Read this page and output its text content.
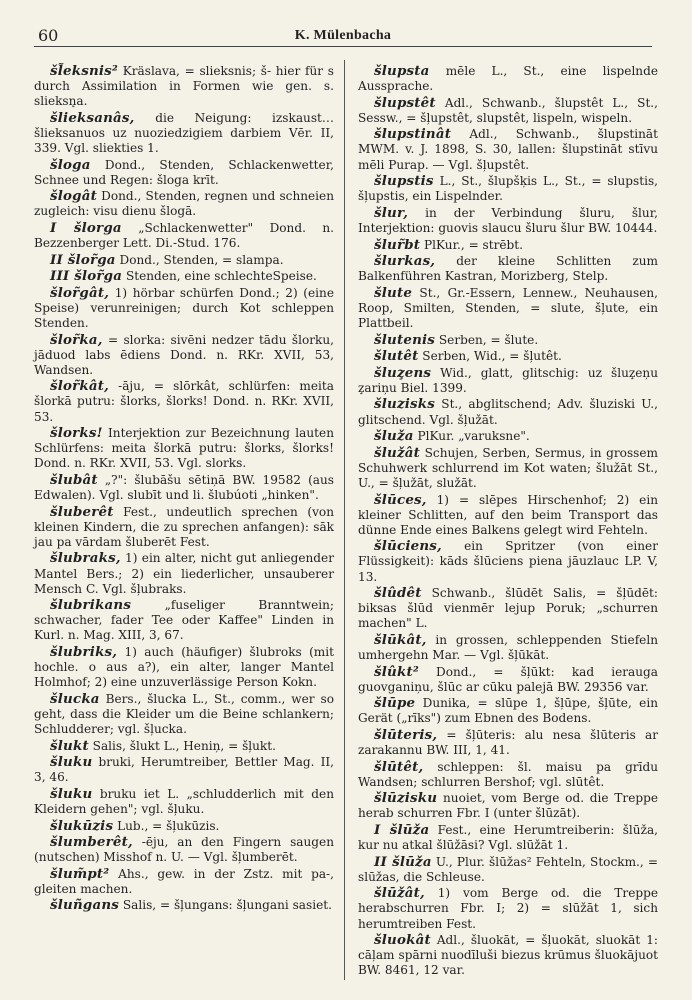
60	K. Mülenbacha

šl̃eksnis² Kräslava, = slieksnis; š- hier für s durch Assimilation in Formen wie gen. s. slieksn̨a.

šlieksanâs, die Neigung: izskaust… šlieksanuos uz nuoziedzigiem darbiem Vēr. II, 339. Vgl. sliekties 1.

šloga Dond., Stenden, Schlackenwetter, Schnee und Regen: šloga krīt.

šlogât Dond., Stenden, regnen und schneien zugleich: visu dienu šlogā.

I šlorga „Schlackenwetter" Dond. n. Bezzenberger Lett. Di.-Stud. 176.

II šlor̃ga Dond., Stenden, = slampa.

III šlor̃ga Stenden, eine schlechteSpeise.

šlor̃gât, 1) hörbar schürfen Dond.; 2) (eine Speise) verunreinigen; durch Kot schleppen Stenden.

šlor̃ka, = slorka: sivēni nedzer tādu šlorku, jāduod labs ēdiens Dond. n. RKr. XVII, 53, Wandsen.

šlor̃kât, -āju, = slōrkât, schlürfen: meita šlorkā putru: šlorks, šlorks! Dond. n. RKr. XVII, 53.

šlorks! Interjektion zur Bezeichnung lauten Schlürfens: meita šlorkā putru: šlorks, šlorks! Dond. n. RKr. XVII, 53. Vgl. slorks.

šlubât „?": šlubāšu sētiņā BW. 19582 (aus Edwalen). Vgl. slubīt und li. šlubúoti „hinken".

šluberêt Fest., undeutlich sprechen (von kleinen Kindern, die zu sprechen anfangen): sāk jau pa vārdam šluberēt Fest.

šlubraks, 1) ein alter, nicht gut anliegender Mantel Bers.; 2) ein liederlicher, unsauberer Mensch C. Vgl. šļubraks.

šlubrikans „fuseliger Branntwein; schwacher, fader Tee oder Kaffee" Linden in Kurl. n. Mag. XIII, 3, 67.

šlubriks, 1) auch (häufiger) šlubroks (mit hochle. o aus a?), ein alter, langer Mantel Holmhof; 2) eine unzuverlässige Person Kokn.

šlucka Bers., šlucka L., St., comm., wer so geht, dass die Kleider um die Beine schlankern; Schludderer; vgl. šļucka.

šlukt Salis, šlukt L., Heniņ, = šļukt.

šluku bruki, Herumtreiber, Bettler Mag. II, 3, 46.

šluku bruku iet L. „schludderlich mit den Kleidern gehen"; vgl. šļuku.

šlukūzis Lub., = šļukūzis.

šlumberêt, -ēju, an den Fingern saugen (nutschen) Misshof n. U. — Vgl. šļumberēt.

šlum̃pt² Ahs., gew. in der Zstz. mit pa-, gleiten machen.

šluñgans Salis, = šļungans: šļungani sasiet.

šlupsta mēle L., St., eine lispelnde Aussprache.

šlupstêt Adl., Schwanb., šlupstêt L., St., Sessw., = šļupstêt, slupstêt, lispeln, wispeln.

šlupstinât Adl., Schwanb., šlupstināt MWM. v. J. 1898, S. 30, lallen: šlupstināt stīvu mēli Purap. — Vgl. šļupstêt.

šlupstis L., St., šlupšķis L., St., = slupstis, šļupstis, ein Lispelnder.

šlur, in der Verbindung šluru, šlur, Interjektion: guovis slaucu šluru šlur BW. 10444.

šlur̃bt PlKur., = strēbt.

šlurkas, der kleine Schlitten zum Balkenführen Kastran, Morizberg, Stelp.

šlute St., Gr.-Essern, Lennew., Neuhausen, Roop, Smilten, Stenden, = slute, šļute, ein Plattbeil.

šlutenis Serben, = šlute.

šlutêt Serben, Wid., = šļutêt.

šluz̧ens Wid., glatt, glitschig: uz šluz̧eņu z̧ariņu Biel. 1399.

šluzisks St., abglitschend; Adv. šluziski U., glitschend. Vgl. šļužāt.

šluža PlKur. „varuksne".

šlužât Schujen, Serben, Sermus, in grossem Schuhwerk schlurrend im Kot waten; šlužāt St., U., = šļužāt, služāt.

šlūces, 1) = slēpes Hirschenhof; 2) ein kleiner Schlitten, auf den beim Transport das dünne Ende eines Balkens gelegt wird Fehteln.

šlūciens, ein Spritzer (von einer Flüssigkeit): kāds šlūciens piena jāuzlauc LP. V, 13.

šlûdêt Schwanb., šlūdēt Salis, = šļūdēt: biksas šlūd vienmēr lejup Poruk; „schurren machen" L.

šlūkât, in grossen, schleppenden Stiefeln umhergehn Mar. — Vgl. šļūkāt.

šlûkt² Dond., = šļūkt: kad ierauga guovganiņu, šlūc ar cūku palejā BW. 29356 var.

šlūpe Dunika, = slūpe 1, šļūpe, šļūte, ein Gerät („rīks") zum Ebnen des Bodens.

šlūteris, = šļūteris: alu nesa šlūteris ar zarakannu BW. III, 1, 41.

šlūtêt, schleppen: šl. maisu pa grīdu Wandsen; schlurren Bershof; vgl. slūtêt.

šlūzisku nuoiet, vom Berge od. die Treppe herab schurren Fbr. I (unter šlūzāt).

I šlūža Fest., eine Herumtreiberin: šlūža, kur nu atkal šlūžāsi? Vgl. slūžāt 1.

II šlūža U., Plur. šlūžas² Fehteln, Stockm., = slūžas, die Schleuse.

šlūžât, 1) vom Berge od. die Treppe herabschurren Fbr. I; 2) = slūžāt 1, sich herumtreiben Fest.

šluokât Adl., šluokāt, = šļuokāt, sluokāt 1: cāļam spārni nuodīluši biezus krūmus šluokājuot BW. 8461, 12 var.
